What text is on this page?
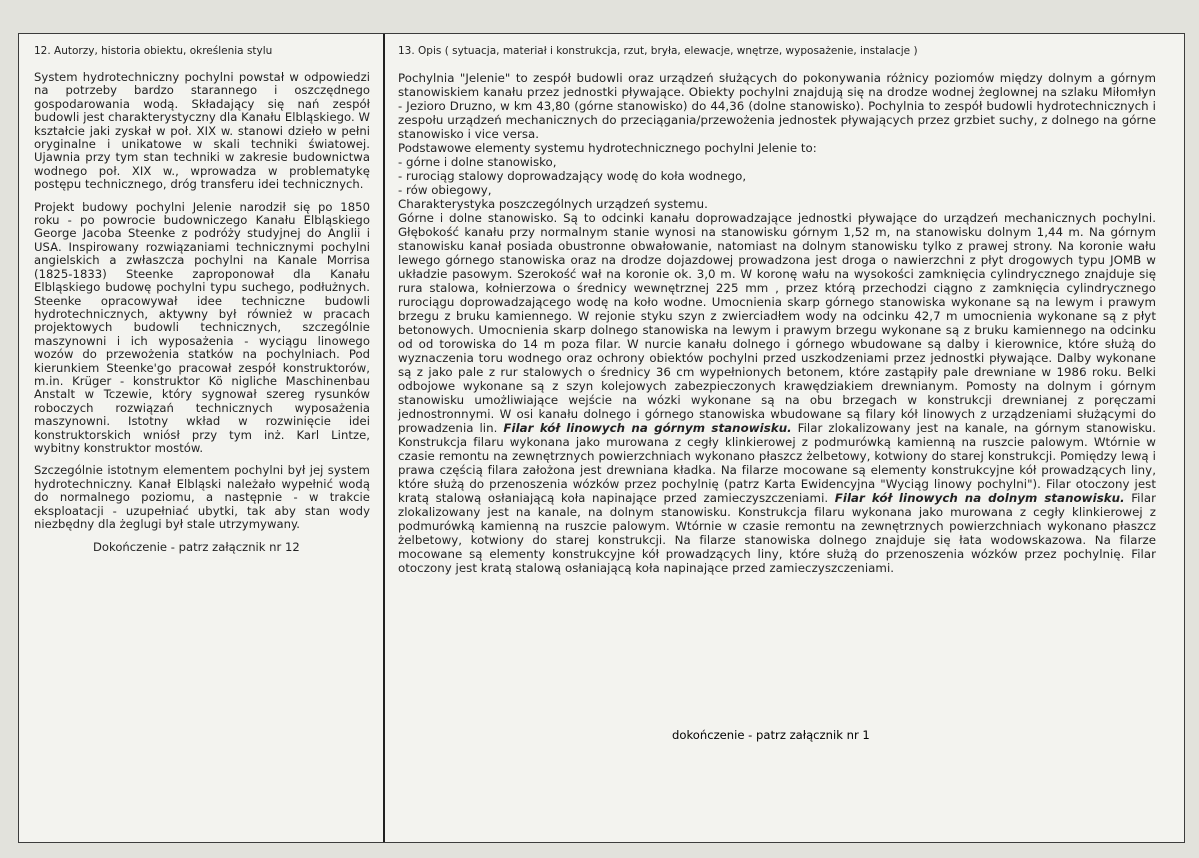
12. Autorzy, historia obiektu, określenia stylu

System hydrotechniczny pochylni powstał w odpowiedzi na potrzeby bardzo starannego i oszczędnego gospodarowania wodą. Składający się nań zespół budowli jest charakterystyczny dla Kanału Elbląskiego. W kształcie jaki zyskał w poł. XIX w. stanowi dzieło w pełni oryginalne i unikatowe w skali techniki światowej. Ujawnia przy tym stan techniki w zakresie budownictwa wodnego poł. XIX w., wprowadza w problematykę postępu technicznego, dróg transferu idei technicznych.

Projekt budowy pochylni Jelenie narodził się po 1850 roku - po powrocie budowniczego Kanału Elbląskiego George Jacoba Steenke z podróży studyjnej do Anglii i USA. Inspirowany rozwiązaniami technicznymi pochylni angielskich a zwłaszcza pochylni na Kanale Morrisa (1825-1833) Steenke zaproponował dla Kanału Elbląskiego budowę pochylni typu suchego, podłużnych. Steenke opracowywał idee techniczne budowli hydrotechnicznych, aktywny był również w pracach projektowych budowli technicznych, szczególnie maszynowni i ich wyposażenia - wyciągu linowego wozów do przewożenia statków na pochylniach. Pod kierunkiem Steenke'go pracował zespół konstruktorów, m.in. Krüger - konstruktor Kö nigliche Maschinenbau Anstalt w Tczewie, który sygnował szereg rysunków roboczych rozwiązań technicznych wyposażenia maszynowni. Istotny wkład w rozwinięcie idei konstruktorskich wniósł przy tym inż. Karl Lintze, wybitny konstruktor mostów.

Szczególnie istotnym elementem pochylni był jej system hydrotechniczny. Kanał Elbląski należało wypełnić wodą do normalnego poziomu, a następnie - w trakcie eksploatacji - uzupełniać ubytki, tak aby stan wody niezbędny dla żeglugi był stale utrzymywany.

Dokończenie - patrz załącznik nr 12
13. Opis ( sytuacja, materiał i konstrukcja, rzut, bryła, elewacje, wnętrze, wyposażenie, instalacje )

Pochylnia "Jelenie" to zespół budowli oraz urządzeń służących do pokonywania różnicy poziomów między dolnym a górnym stanowiskiem kanału przez jednostki pływające. Obiekty pochylni znajdują się na drodze wodnej żeglownej na szlaku Miłomłyn - Jezioro Druzno, w km 43,80 (górne stanowisko) do 44,36 (dolne stanowisko). Pochylnia to zespół budowli hydrotechnicznych i zespołu urządzeń mechanicznych do przeciągania/przewożenia jednostek pływających przez grzbiet suchy, z dolnego na górne stanowisko i vice versa.

Podstawowe elementy systemu hydrotechnicznego pochylni Jelenie to:

- górne i dolne stanowisko,

- rurociąg stalowy doprowadzający wodę do koła wodnego,

- rów obiegowy,

Charakterystyka poszczególnych urządzeń systemu.

Górne i dolne stanowisko. Są to odcinki kanału doprowadzające jednostki pływające do urządzeń mechanicznych pochylni. Głębokość kanału przy normalnym stanie wynosi na stanowisku górnym 1,52 m, na stanowisku dolnym 1,44 m. Na górnym stanowisku kanał posiada obustronne obwałowanie, natomiast na dolnym stanowisku tylko z prawej strony. Na koronie wału lewego górnego stanowiska oraz na drodze dojazdowej prowadzona jest droga o nawierzchni z płyt drogowych typu JOMB w układzie pasowym. Szerokość wał na koronie ok. 3,0 m. W koronę wału na wysokości zamknięcia cylindrycznego znajduje się rura stalowa, kołnierzowa o średnicy wewnętrznej 225 mm , przez którą przechodzi ciągno z zamknięcia cylindrycznego rurociągu doprowadzającego wodę na koło wodne. Umocnienia skarp górnego stanowiska wykonane są na lewym i prawym brzegu z bruku kamiennego. W rejonie styku szyn z zwierciadłem wody na odcinku 42,7 m umocnienia wykonane są z płyt betonowych. Umocnienia skarp dolnego stanowiska na lewym i prawym brzegu wykonane są z bruku kamiennego na odcinku od od torowiska do 14 m poza filar. W nurcie kanału dolnego i górnego wbudowane są dalby i kierownice, które służą do wyznaczenia toru wodnego oraz ochrony obiektów pochylni przed uszkodzeniami przez jednostki pływające. Dalby wykonane są z jako pale z rur stalowych o średnicy 36 cm wypełnionych betonem, które zastąpiły pale drewniane w 1986 roku. Belki odbojowe wykonane są z szyn kolejowych zabezpieczonych krawędziakiem drewnianym. Pomosty na dolnym i górnym stanowisku umożliwiające wejście na wózki wykonane są na obu brzegach w konstrukcji drewnianej z poręczami jednostronnymi. W osi kanału dolnego i górnego stanowiska wbudowane są filary kół linowych z urządzeniami służącymi do prowadzenia lin. Filar kół linowych na górnym stanowisku. Filar zlokalizowany jest na kanale, na górnym stanowisku. Konstrukcja filaru wykonana jako murowana z cegły klinkierowej z podmurówką kamienną na ruszcie palowym. Wtórnie w czasie remontu na zewnętrznych powierzchniach wykonano płaszcz żelbetowy, kotwiony do starej konstrukcji. Pomiędzy lewą i prawa częścią filara założona jest drewniana kładka. Na filarze mocowane są elementy konstrukcyjne kół prowadzących liny, które służą do przenoszenia wózków przez pochylnię (patrz Karta Ewidencyjna "Wyciąg linowy pochylni"). Filar otoczony jest kratą stalową osłaniającą koła napinające przed zamieczyszczeniami. Filar kół linowych na dolnym stanowisku. Filar zlokalizowany jest na kanale, na dolnym stanowisku. Konstrukcja filaru wykonana jako murowana z cegły klinkierowej z podmurówką kamienną na ruszcie palowym. Wtórnie w czasie remontu na zewnętrznych powierzchniach wykonano płaszcz żelbetowy, kotwiony do starej konstrukcji. Na filarze stanowiska dolnego znajduje się łata wodowskazowa. Na filarze mocowane są elementy konstrukcyjne kół prowadzących liny, które służą do przenoszenia wózków przez pochylnię. Filar otoczony jest kratą stalową osłaniającą koła napinające przed zamieczyszczeniami.

dokończenie - patrz załącznik nr 1
